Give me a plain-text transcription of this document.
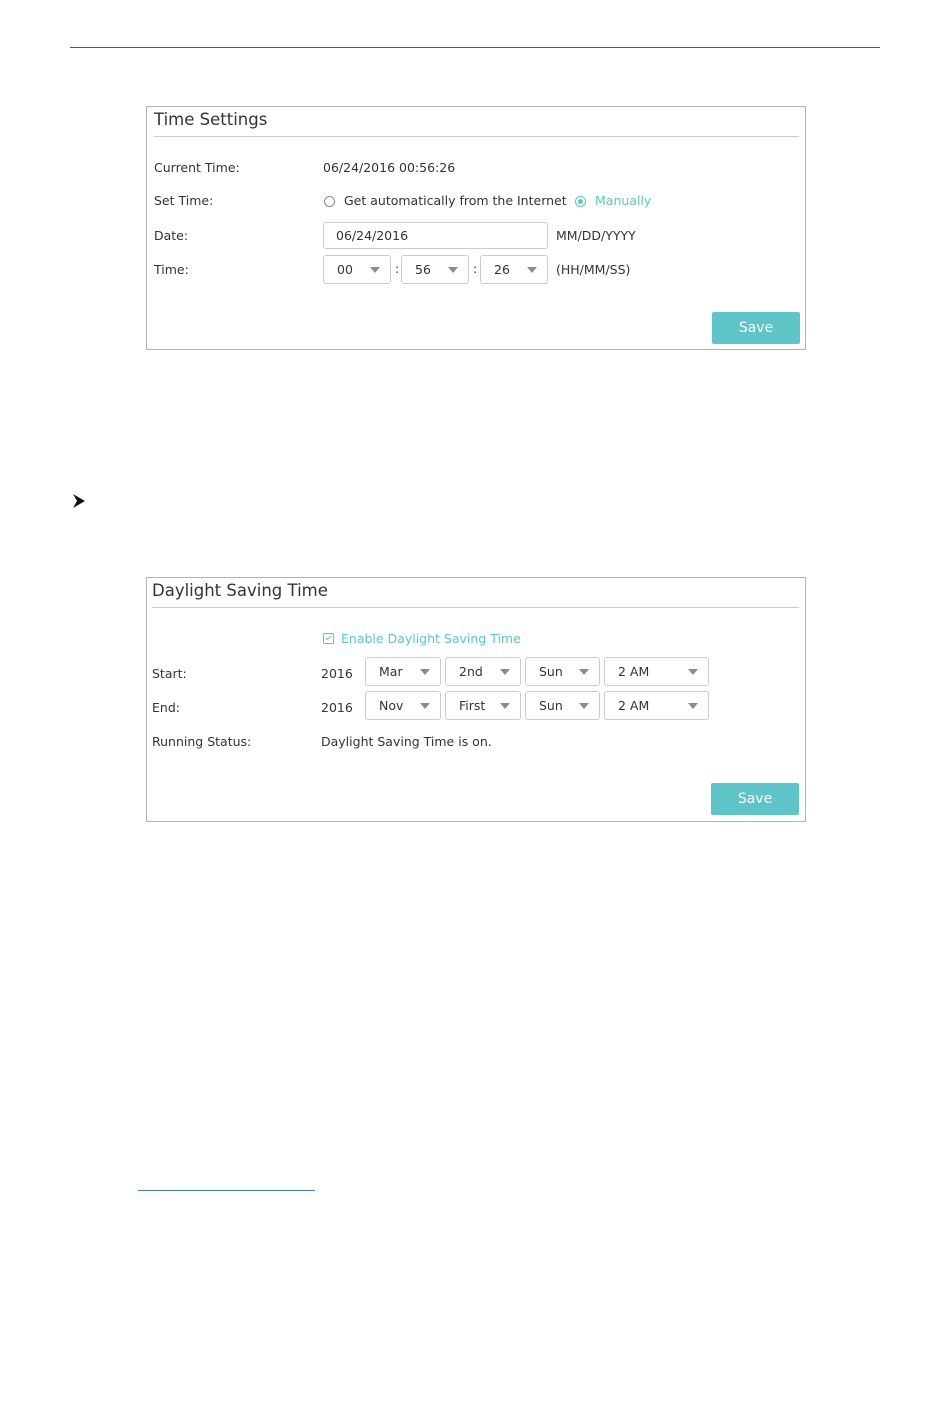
Time Settings
Current Time:	06/24/2016 00:56:26
Set Time:	Get automatically from the Internet Manually
Date:	06/24/2016	MM/DD/YYYY
Time:	00	: 56	: 26	(HH/MM/SS)
Save
Daylight Saving Time
Enable Daylight Saving Time
Start:	2016 Mar	2nd	Sun	2 AM
End:	2016 Nov	First	Sun	2 AM
Running Status:	Daylight Saving Time is on.
Save
